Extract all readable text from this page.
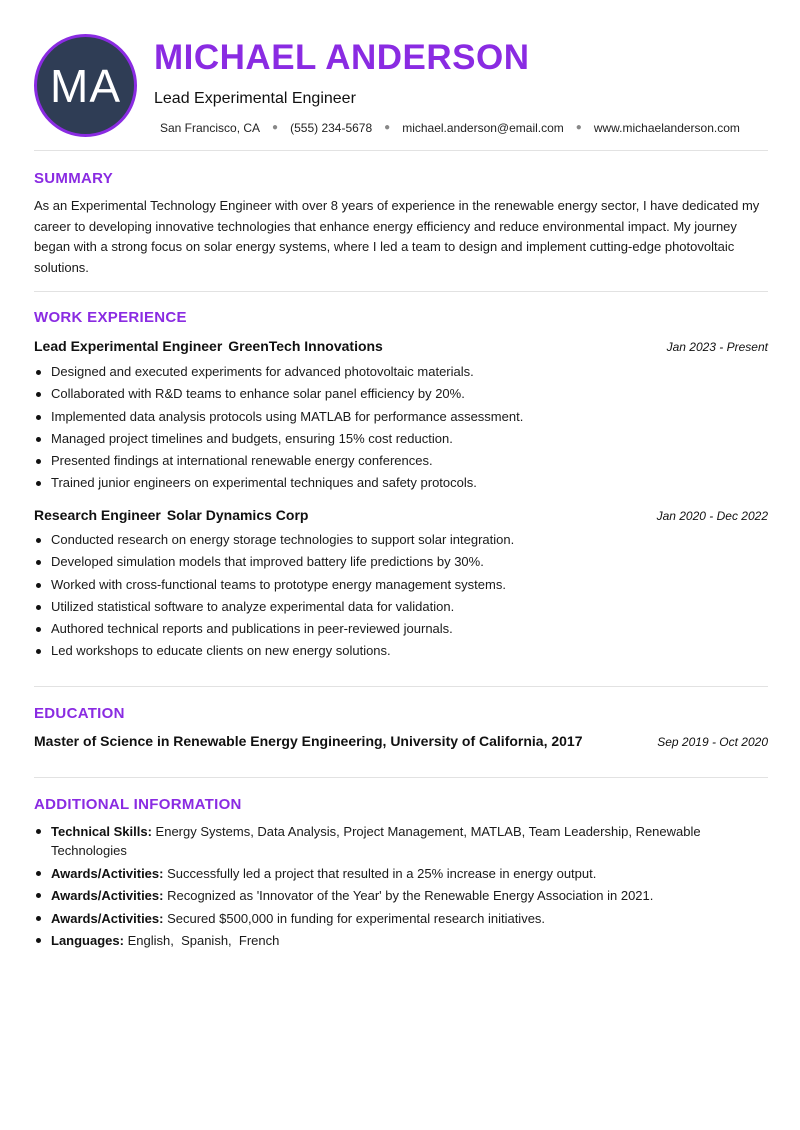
MA
MICHAEL ANDERSON
Lead Experimental Engineer
San Francisco, CA ● (555) 234-5678 ● michael.anderson@email.com ● www.michaelanderson.com
SUMMARY

As an Experimental Technology Engineer with over 8 years of experience in the renewable energy sector, I have dedicated my career to developing innovative technologies that enhance energy efficiency and reduce environmental impact. My journey began with a strong focus on solar energy systems, where I led a team to design and implement cutting-edge photovoltaic solutions.

WORK EXPERIENCE
Lead Experimental Engineer GreenTech Innovations	Jan 2023 - Present
Designed and executed experiments for advanced photovoltaic materials.
Collaborated with R&D teams to enhance solar panel efficiency by 20%.
Implemented data analysis protocols using MATLAB for performance assessment.
Managed project timelines and budgets, ensuring 15% cost reduction.
Presented findings at international renewable energy conferences.
Trained junior engineers on experimental techniques and safety protocols.
Research Engineer Solar Dynamics Corp	Jan 2020 - Dec 2022
Conducted research on energy storage technologies to support solar integration.
Developed simulation models that improved battery life predictions by 30%.
Worked with cross-functional teams to prototype energy management systems.
Utilized statistical software to analyze experimental data for validation.
Authored technical reports and publications in peer-reviewed journals.
Led workshops to educate clients on new energy solutions.
EDUCATION
Master of Science in Renewable Energy Engineering, University of California, 2017	Sep 2019 - Oct 2020
ADDITIONAL INFORMATION
Technical Skills: Energy Systems, Data Analysis, Project Management, MATLAB, Team Leadership, Renewable Technologies
Awards/Activities: Successfully led a project that resulted in a 25% increase in energy output.
Awards/Activities: Recognized as 'Innovator of the Year' by the Renewable Energy Association in 2021.
Awards/Activities: Secured $500,000 in funding for experimental research initiatives.
Languages: English,  Spanish,  French
